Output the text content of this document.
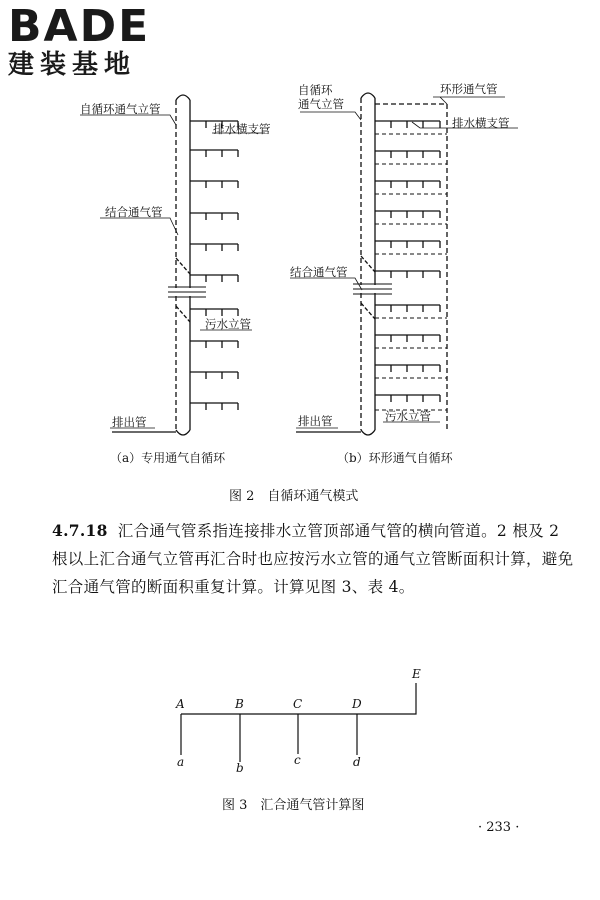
BADE
建装基地
自循环通气立管
排水横支管
结合通气管
污水立管
排出管
（a）专用通气自循环
自循环
通气立管
环形通气管
排水横支管
结合通气管
污水立管
排出管
（b）环形通气自循环
图 2　自循环通气模式
4.7.18 汇合通气管系指连接排水立管顶部通气管的横向管道。2 根及 2 根以上汇合通气立管再汇合时也应按污水立管的通气立管断面积计算，避免汇合通气管的断面积重复计算。计算见图 3、表 4。
A	B	C	D
E
a	b
c	d
图 3　汇合通气管计算图
· 233 ·
